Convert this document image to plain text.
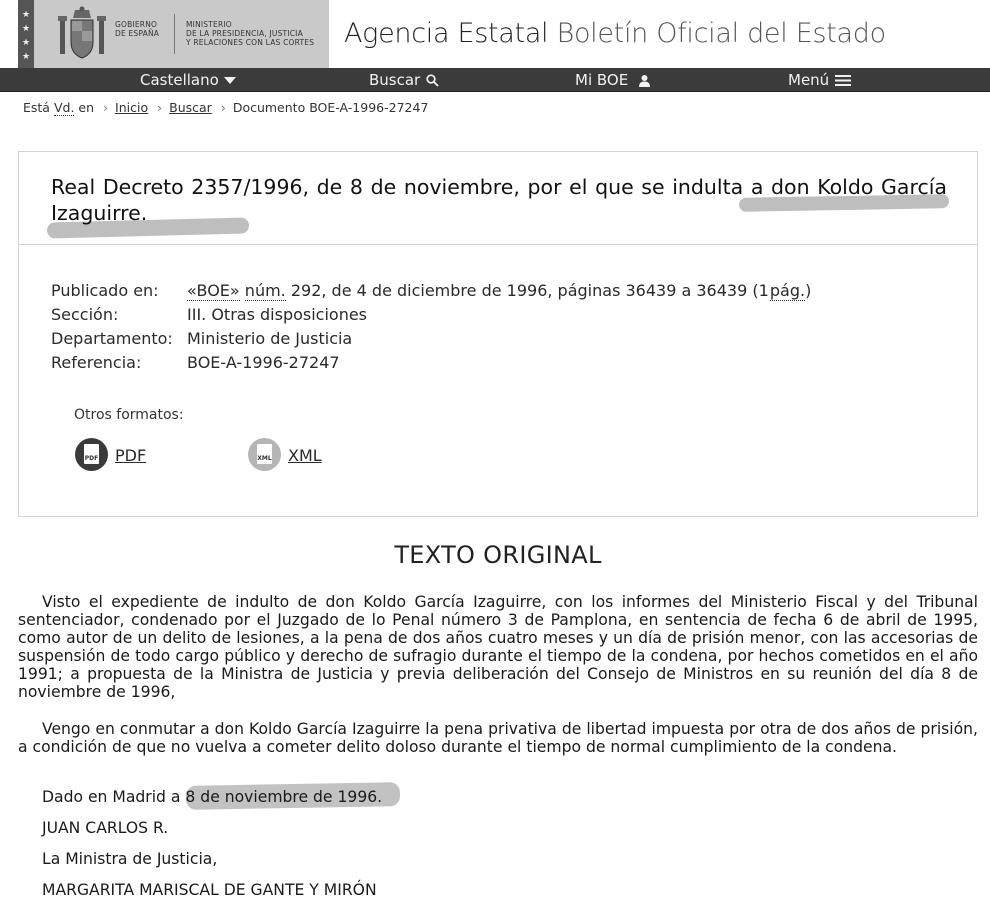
★
★
★
★
GOBIERNO
DE ESPAÑA
MINISTERIO
DE LA PRESIDENCIA, JUSTICIA
Y RELACIONES CON LAS CORTES Agencia Estatal Boletín Oficial del Estado
Castellano	Buscar	Mi BOE	Menú
Está Vd. en › Inicio › Buscar › Documento BOE-A-1996-27247
Real Decreto 2357/1996, de 8 de noviembre, por el que se indulta a don Koldo García Izaguirre.
Publicado en: «BOE» núm. 292, de 4 de diciembre de 1996, páginas 36439 a 36439 (1 pág.)
Sección:	III. Otras disposiciones
Departamento: Ministerio de Justicia
Referencia:	BOE-A-1996-27247
Otros formatos:
PDF PDF	XML XML
TEXTO ORIGINAL
Visto el expediente de indulto de don Koldo García Izaguirre, con los informes del Ministerio Fiscal y del Tribunal sentenciador, condenado por el Juzgado de lo Penal número 3 de Pamplona, en sentencia de fecha 6 de abril de 1995, como autor de un delito de lesiones, a la pena de dos años cuatro meses y un día de prisión menor, con las accesorias de suspensión de todo cargo público y derecho de sufragio durante el tiempo de la condena, por hechos cometidos en el año 1991; a propuesta de la Ministra de Justicia y previa deliberación del Consejo de Ministros en su reunión del día 8 de noviembre de 1996,
Vengo en conmutar a don Koldo García Izaguirre la pena privativa de libertad impuesta por otra de dos años de prisión, a condición de que no vuelva a cometer delito doloso durante el tiempo de normal cumplimiento de la condena.
Dado en Madrid a 8 de noviembre de 1996.
JUAN CARLOS R.
La Ministra de Justicia,
MARGARITA MARISCAL DE GANTE Y MIRÓN
